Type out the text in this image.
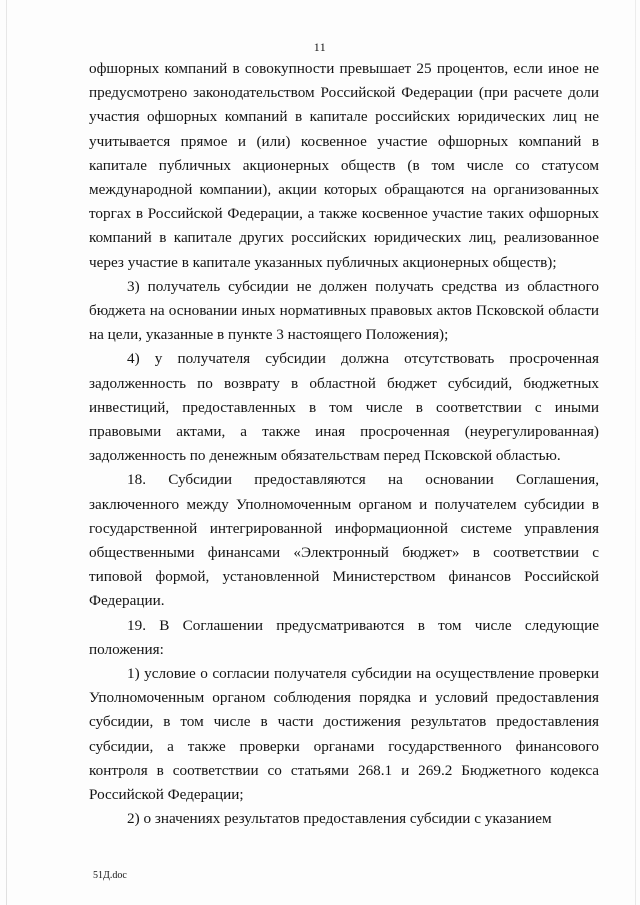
11

офшорных компаний в совокупности превышает 25 процентов, если иное не предусмотрено законодательством Российской Федерации (при расчете доли участия офшорных компаний в капитале российских юридических лиц не учитывается прямое и (или) косвенное участие офшорных компаний в капитале публичных акционерных обществ (в том числе со статусом международной компании), акции которых обращаются на организованных торгах в Российской Федерации, а также косвенное участие таких офшорных компаний в капитале других российских юридических лиц, реализованное через участие в капитале указанных публичных акционерных обществ);

3) получатель субсидии не должен получать средства из областного бюджета на основании иных нормативных правовых актов Псковской области на цели, указанные в пункте 3 настоящего Положения);

4) у получателя субсидии должна отсутствовать просроченная задолженность по возврату в областной бюджет субсидий, бюджетных инвестиций, предоставленных в том числе в соответствии с иными правовыми актами, а также иная просроченная (неурегулированная) задолженность по денежным обязательствам перед Псковской областью.

18. Субсидии предоставляются на основании Соглашения, заключенного между Уполномоченным органом и получателем субсидии в государственной интегрированной информационной системе управления общественными финансами «Электронный бюджет» в соответствии с типовой формой, установленной Министерством финансов Российской Федерации.

19. В Соглашении предусматриваются в том числе следующие положения:

1) условие о согласии получателя субсидии на осуществление проверки Уполномоченным органом соблюдения порядка и условий предоставления субсидии, в том числе в части достижения результатов предоставления субсидии, а также проверки органами государственного финансового контроля в соответствии со статьями 268.1 и 269.2 Бюджетного кодекса Российской Федерации;

2) о значениях результатов предоставления субсидии с указанием

51Д.doc
